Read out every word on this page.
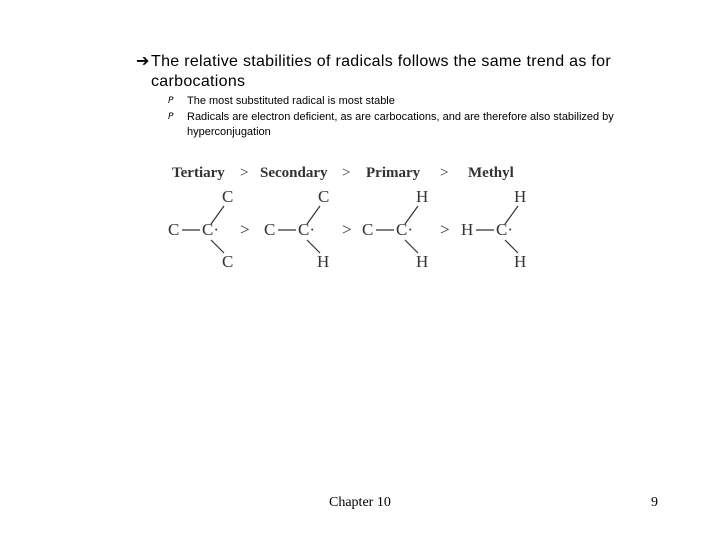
➔The relative stabilities of radicals follows the same trend as for
carbocations
P	The most substituted radical is most stable
P	Radicals are electron deficient, as are carbocations, and are therefore also stabilized by hyperconjugation
Tertiary > Secondary > Primary > Methyl
C
C C·
C
>
C
C C·
H
>
H
C C·
H
>
H
H C·
H
Chapter 10	9
